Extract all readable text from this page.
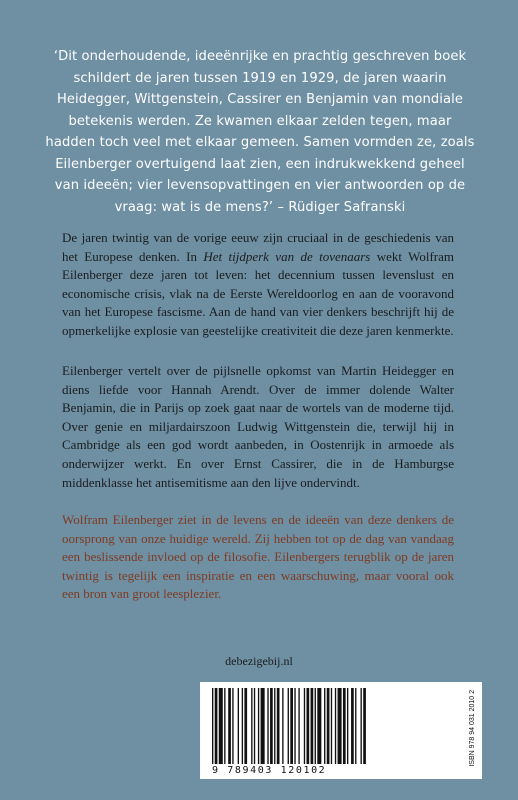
‘Dit onderhoudende, ideeënrijke en prachtig geschreven boek schildert de jaren tussen 1919 en 1929, de jaren waarin Heidegger, Wittgenstein, Cassirer en Benjamin van mondiale betekenis werden. Ze kwamen elkaar zelden tegen, maar hadden toch veel met elkaar gemeen. Samen vormden ze, zoals Eilenberger overtuigend laat zien, een indrukwekkend geheel van ideeën; vier levensopvattingen en vier antwoorden op de vraag: wat is de mens?’ – Rüdiger Safranski

De jaren twintig van de vorige eeuw zijn cruciaal in de geschiedenis van het Europese denken. In Het tijdperk van de tovenaars wekt Wolfram Eilenberger deze jaren tot leven: het decennium tussen levenslust en economische crisis, vlak na de Eerste Wereldoorlog en aan de vooravond van het Europese fascisme. Aan de hand van vier denkers beschrijft hij de opmerkelijke explosie van geestelijke creativiteit die deze jaren kenmerkte.

Eilenberger vertelt over de pijlsnelle opkomst van Martin Heidegger en diens liefde voor Hannah Arendt. Over de immer dolende Walter Benjamin, die in Parijs op zoek gaat naar de wortels van de moderne tijd. Over genie en miljardairszoon Ludwig Wittgenstein die, terwijl hij in Cambridge als een god wordt aanbeden, in Oostenrijk in armoede als onderwijzer werkt. En over Ernst Cassirer, die in de Hamburgse middenklasse het antisemitisme aan den lijve ondervindt.

Wolfram Eilenberger ziet in de levens en de ideeën van deze denkers de oorsprong van onze huidige wereld. Zij hebben tot op de dag van vandaag een beslissende invloed op de filosofie. Eilenbergers terugblik op de jaren twintig is tegelijk een inspiratie en een waarschuwing, maar vooral ook een bron van groot leesplezier.

debezigebij.nl
9 789403 120102
ISBN 978 94 031 2010 2
